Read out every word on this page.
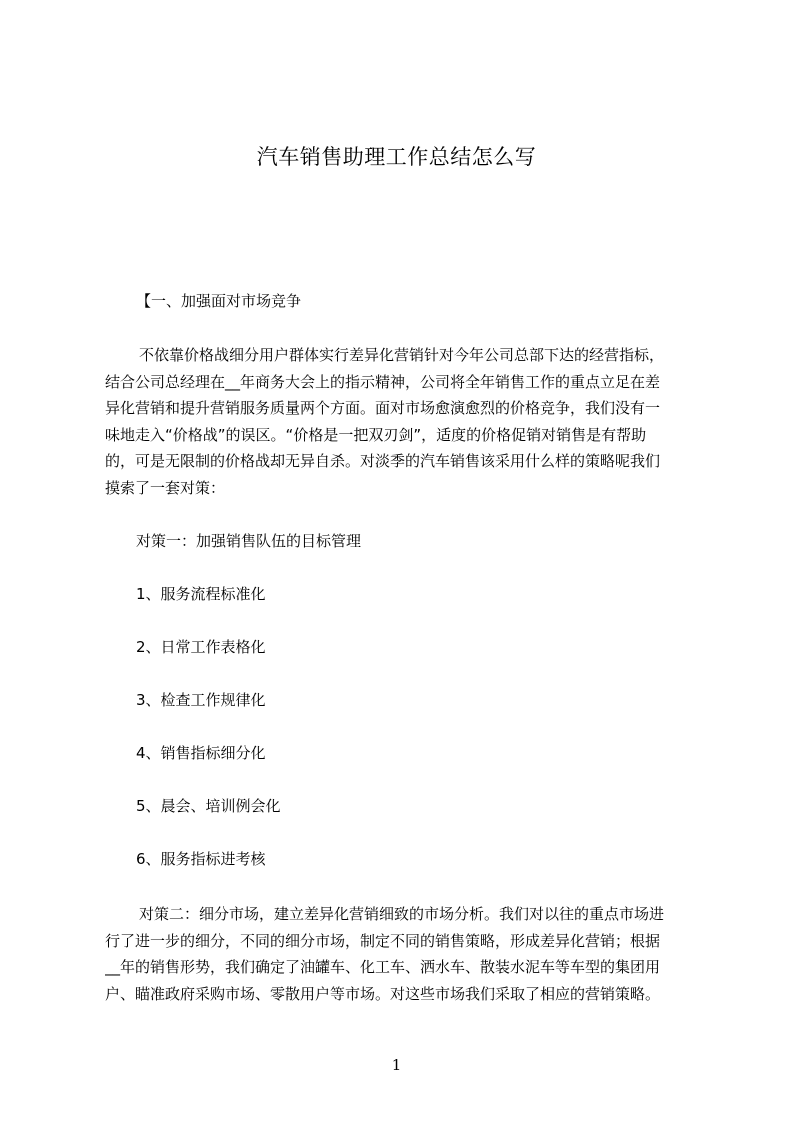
汽车销售助理工作总结怎么写
【一、加强面对市场竞争
不依靠价格战细分用户群体实行差异化营销针对今年公司总部下达的经营指标，
结合公司总经理在__年商务大会上的指示精神，公司将全年销售工作的重点立足在差
异化营销和提升营销服务质量两个方面。面对市场愈演愈烈的价格竞争，我们没有一
味地走入“价格战”的误区。“价格是一把双刃剑”，适度的价格促销对销售是有帮助
的，可是无限制的价格战却无异自杀。对淡季的汽车销售该采用什么样的策略呢我们
摸索了一套对策：
对策一：加强销售队伍的目标管理
1、服务流程标准化
2、日常工作表格化
3、检查工作规律化
4、销售指标细分化
5、晨会、培训例会化
6、服务指标进考核
对策二：细分市场，建立差异化营销细致的市场分析。我们对以往的重点市场进
行了进一步的细分，不同的细分市场，制定不同的销售策略，形成差异化营销；根据
__年的销售形势，我们确定了油罐车、化工车、洒水车、散装水泥车等车型的集团用
户、瞄准政府采购市场、零散用户等市场。对这些市场我们采取了相应的营销策略。
1
